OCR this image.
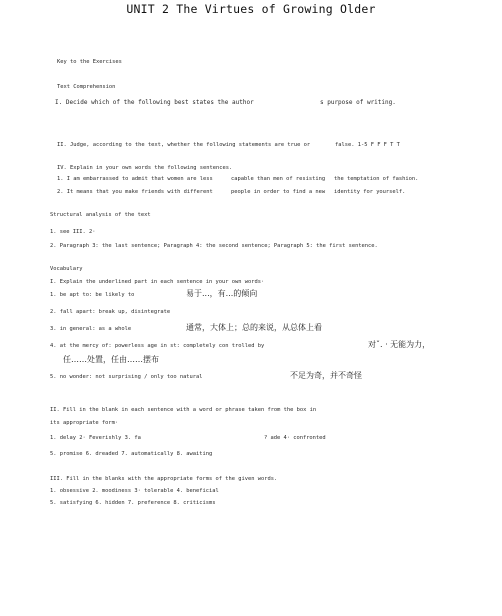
UNIT 2 The Virtues of Growing Older
Key to the Exercises
Text Comprehension
I. Decide which of the following best states the author	s purpose of writing.
II. Judge, according to the text, whether the following statements are true or	false. 1-5 F F F T T
IV. Explain in your own words the following sentences.
1. I am embarrassed to admit that women are less	capable than men of resisting the temptation of fashion.
2. It means that you make friends with different	people in order to find a new identity for yourself.
Structural analysis of the text
1. see III. 2·
2. Paragraph 3: the last sentence; Paragraph 4: the second sentence; Paragraph 5: the first sentence.
Vocabulary
I. Explain the underlined part in each sentence in your own words·
1. be apt to: be likely to	易于...，有...的倾向
2. fall apart: break up, disintegrate
3. in general: as a whole	通常，大体上；总的来说，从总体上看
4. at the mercy of: powerless age in st: completely con trolled by	对ˇ. · 无能为力，
任……处置，任由……摆布
5. no wonder: not surprising / only too natural	不足为奇，并不奇怪
II. Fill in the blank in each sentence with a word or phrase taken from the box in
its appropriate form·
1. delay 2· Feverishly 3. fa	? ade 4· confronted
5. promise 6. dreaded 7. automatically 8. awaiting
III. Fill in the blanks with the appropriate forms of the given words.
1. obsessive 2. moodiness 3· tolerable 4. beneficial
5. satisfying 6. hidden 7. preference 8. criticisms
